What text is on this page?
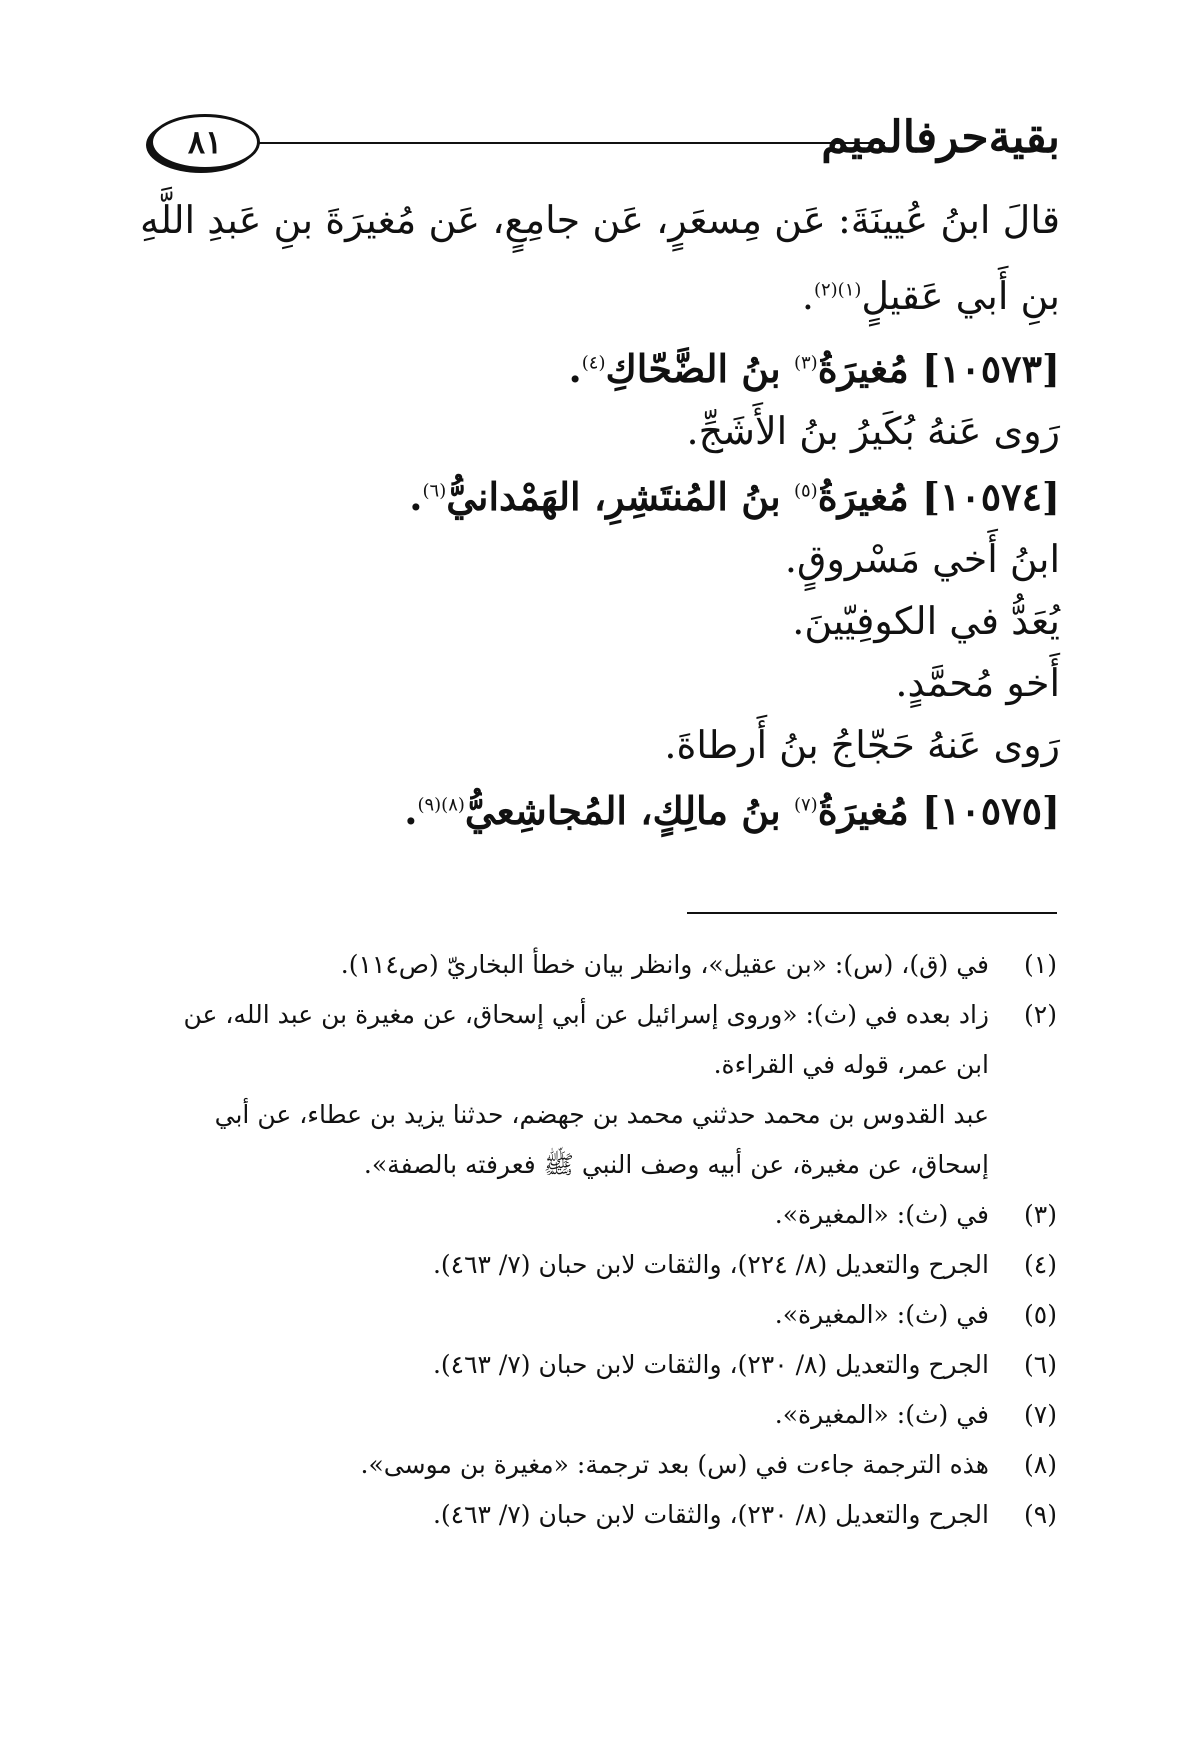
بقيةحرفالميم
٨١

قالَ ابنُ عُيينَةَ: عَن مِسعَرٍ، عَن جامِعٍ، عَن مُغيرَةَ بنِ عَبدِ اللَّهِ بنِ أَبي عَقيلٍ$^{(١)(٢)}$.

[١٠٥٧٣] مُغيرَةُ$^{(٣)}$ بنُ الضَّحّاكِ$^{(٤)}$.

رَوى عَنهُ بُكَيرُ بنُ الأَشَجِّ.

[١٠٥٧٤] مُغيرَةُ$^{(٥)}$ بنُ المُنتَشِرِ، الهَمْدانيُّ$^{(٦)}$.

ابنُ أَخي مَسْروقٍ.

يُعَدُّ في الكوفِيّينَ.

أَخو مُحمَّدٍ.

رَوى عَنهُ حَجّاجُ بنُ أَرطاةَ.

[١٠٥٧٥] مُغيرَةُ$^{(٧)}$ بنُ مالِكٍ، المُجاشِعيُّ$^{(٨)(٩)}$.

(١)

في (ق)، (س): «بن عقيل»، وانظر بيان خطأ البخاريّ (ص١١٤).

(٢)

زاد بعده في (ث): «وروى إسرائيل عن أبي إسحاق، عن مغيرة بن عبد الله، عن ابن عمر، قوله في القراءة.

عبد القدوس بن محمد حدثني محمد بن جهضم، حدثنا يزيد بن عطاء، عن أبي إسحاق، عن مغيرة، عن أبيه وصف النبي ﷺ فعرفته بالصفة».

(٣)

في (ث): «المغيرة».

(٤)

الجرح والتعديل (٨/ ٢٢٤)، والثقات لابن حبان (٧/ ٤٦٣).

(٥)

في (ث): «المغيرة».

(٦)

الجرح والتعديل (٨/ ٢٣٠)، والثقات لابن حبان (٧/ ٤٦٣).

(٧)

في (ث): «المغيرة».

(٨)

هذه الترجمة جاءت في (س) بعد ترجمة: «مغيرة بن موسى».

(٩)

الجرح والتعديل (٨/ ٢٣٠)، والثقات لابن حبان (٧/ ٤٦٣).
